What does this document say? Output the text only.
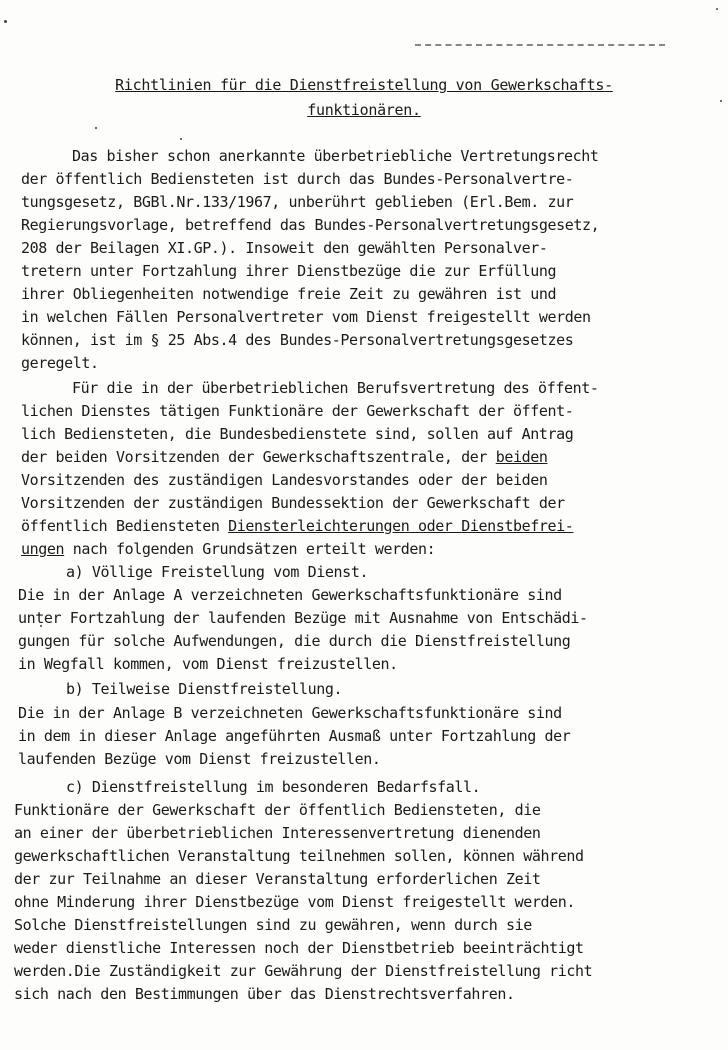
Richtlinien für die Dienstfreistellung von Gewerkschafts-
funktionären.
Das bisher schon anerkannte überbetriebliche Vertretungsrecht
der öffentlich Bediensteten ist durch das Bundes-Personalvertre-
tungsgesetz, BGBl.Nr.133/1967, unberührt geblieben (Erl.Bem. zur
Regierungsvorlage, betreffend das Bundes-Personalvertretungsgesetz,
208 der Beilagen XI.GP.). Insoweit den gewählten Personalver-
tretern unter Fortzahlung ihrer Dienstbezüge die zur Erfüllung
ihrer Obliegenheiten notwendige freie Zeit zu gewähren ist und
in welchen Fällen Personalvertreter vom Dienst freigestellt werden
können, ist im § 25 Abs.4 des Bundes-Personalvertretungsgesetzes
geregelt.
Für die in der überbetrieblichen Berufsvertretung des öffent-
lichen Dienstes tätigen Funktionäre der Gewerkschaft der öffent-
lich Bediensteten, die Bundesbedienstete sind, sollen auf Antrag
der beiden Vorsitzenden der Gewerkschaftszentrale, der beiden
Vorsitzenden des zuständigen Landesvorstandes oder der beiden
Vorsitzenden der zuständigen Bundessektion der Gewerkschaft der
öffentlich Bediensteten Diensterleichterungen oder Dienstbefrei-
ungen nach folgenden Grundsätzen erteilt werden:
a) Völlige Freistellung vom Dienst.
Die in der Anlage A verzeichneten Gewerkschaftsfunktionäre sind
unter Fortzahlung der laufenden Bezüge mit Ausnahme von Entschädi-
gungen für solche Aufwendungen, die durch die Dienstfreistellung
in Wegfall kommen, vom Dienst freizustellen.
b) Teilweise Dienstfreistellung.
Die in der Anlage B verzeichneten Gewerkschaftsfunktionäre sind
in dem in dieser Anlage angeführten Ausmaß unter Fortzahlung der
laufenden Bezüge vom Dienst freizustellen.
c) Dienstfreistellung im besonderen Bedarfsfall.
Funktionäre der Gewerkschaft der öffentlich Bediensteten, die
an einer der überbetrieblichen Interessenvertretung dienenden
gewerkschaftlichen Veranstaltung teilnehmen sollen, können während
der zur Teilnahme an dieser Veranstaltung erforderlichen Zeit
ohne Minderung ihrer Dienstbezüge vom Dienst freigestellt werden.
Solche Dienstfreistellungen sind zu gewähren, wenn durch sie
weder dienstliche Interessen noch der Dienstbetrieb beeinträchtigt
werden.Die Zuständigkeit zur Gewährung der Dienstfreistellung richt
sich nach den Bestimmungen über das Dienstrechtsverfahren.
